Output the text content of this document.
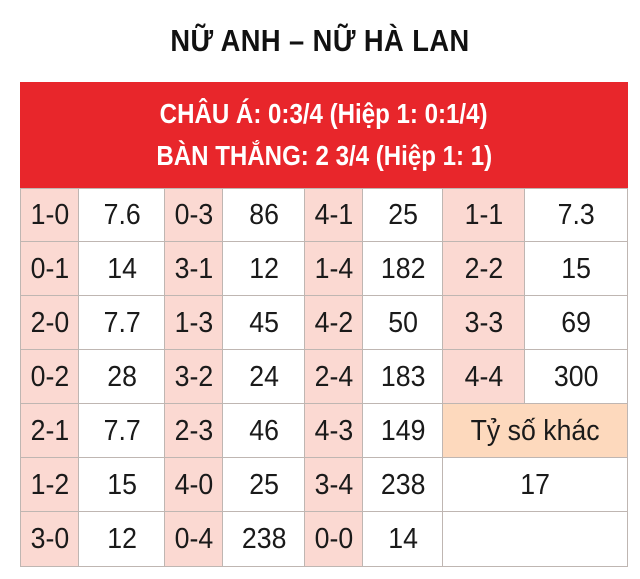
NỮ ANH – NỮ HÀ LAN
CHÂU Á: 0:3/4 (Hiệp 1: 0:1/4)
BÀN THẮNG: 2 3/4 (Hiệp 1: 1)
1-0 7.6
0-1 14
2-0 7.7
0-2 28
2-1 7.7
1-2 15
3-0 12
0-3 86
3-1 12
1-3 45
3-2 24
2-3 46
4-0 25
0-4 238
4-1 25
1-4 182
4-2 50
2-4 183
4-3 149
3-4 238
0-0 14
1-1 7.3
2-2 15
3-3 69
4-4 300
Tỷ số khác
17
